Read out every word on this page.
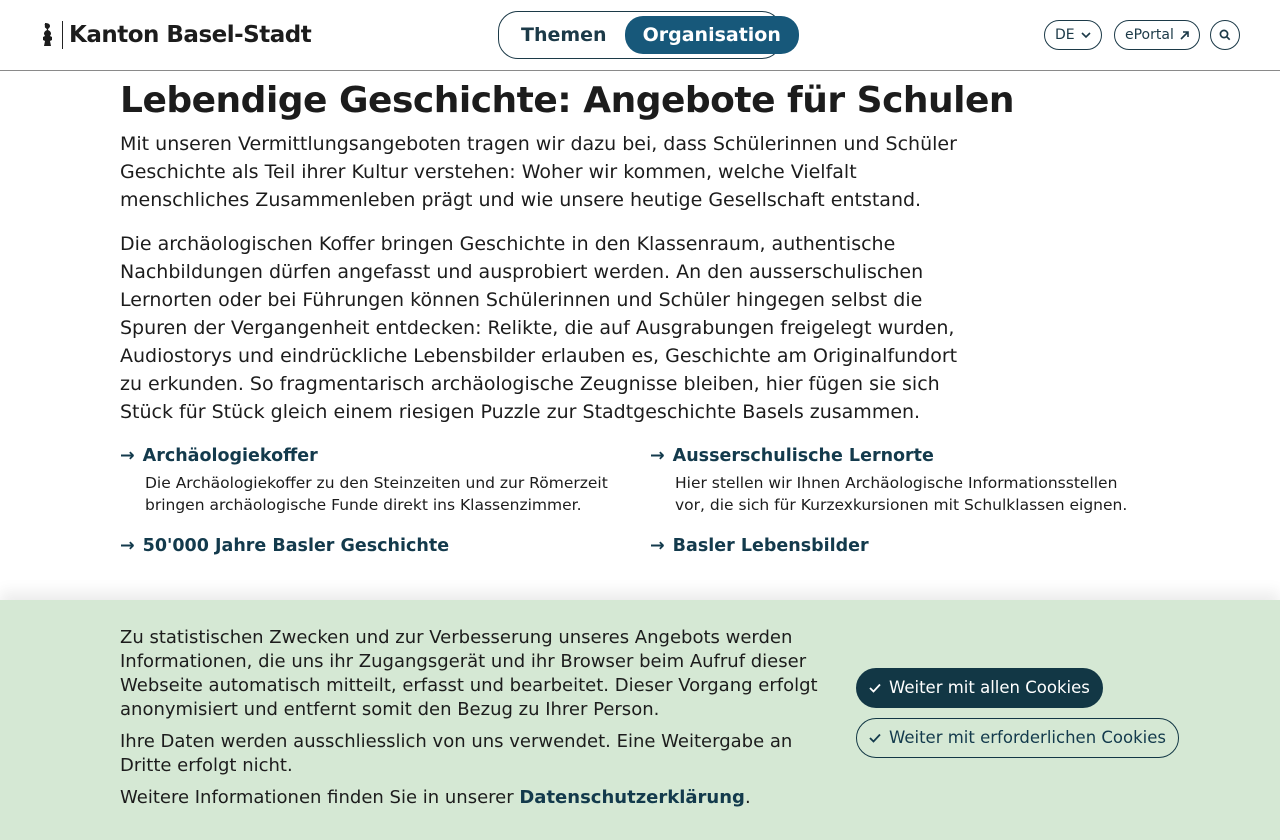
Kanton Basel-Stadt	Themen	Organisation	DE	ePortal
Lebendige Geschichte: Angebote für Schulen

Mit unseren Vermittlungsangeboten tragen wir dazu bei, dass Schülerinnen und Schüler Geschichte als Teil ihrer Kultur verstehen: Woher wir kommen, welche Vielfalt menschliches Zusammenleben prägt und wie unsere heutige Gesellschaft entstand.

Die archäologischen Koffer bringen Geschichte in den Klassenraum, authentische Nachbildungen dürfen angefasst und ausprobiert werden. An den ausserschulischen Lernorten oder bei Führungen können Schülerinnen und Schüler hingegen selbst die Spuren der Vergangenheit entdecken: Relikte, die auf Ausgrabungen freigelegt wurden, Audiostorys und eindrückliche Lebensbilder erlauben es, Geschichte am Originalfundort zu erkunden. So fragmentarisch archäologische Zeugnisse bleiben, hier fügen sie sich Stück für Stück gleich einem riesigen Puzzle zur Stadtgeschichte Basels zusammen.

→ Archäologiekoffer
Die Archäologiekoffer zu den Steinzeiten und zur Römerzeit bringen archäologische Funde direkt ins Klassenzimmer.
→ Ausserschulische Lernorte
Hier stellen wir Ihnen Archäologische Informationsstellen vor, die sich für Kurzexkursionen mit Schulklassen eignen.
→ 50'000 Jahre Basler Geschichte	→ Basler Lebensbilder

Zu statistischen Zwecken und zur Verbesserung unseres Angebots werden Informationen, die uns ihr Zugangsgerät und ihr Browser beim Aufruf dieser Webseite automatisch mitteilt, erfasst und bearbeitet. Dieser Vorgang erfolgt anonymisiert und entfernt somit den Bezug zu Ihrer Person.

Ihre Daten werden ausschliesslich von uns verwendet. Eine Weitergabe an Dritte erfolgt nicht.

Weitere Informationen finden Sie in unserer Datenschutzerklärung.

Weiter mit allen Cookies
Weiter mit erforderlichen Cookies
